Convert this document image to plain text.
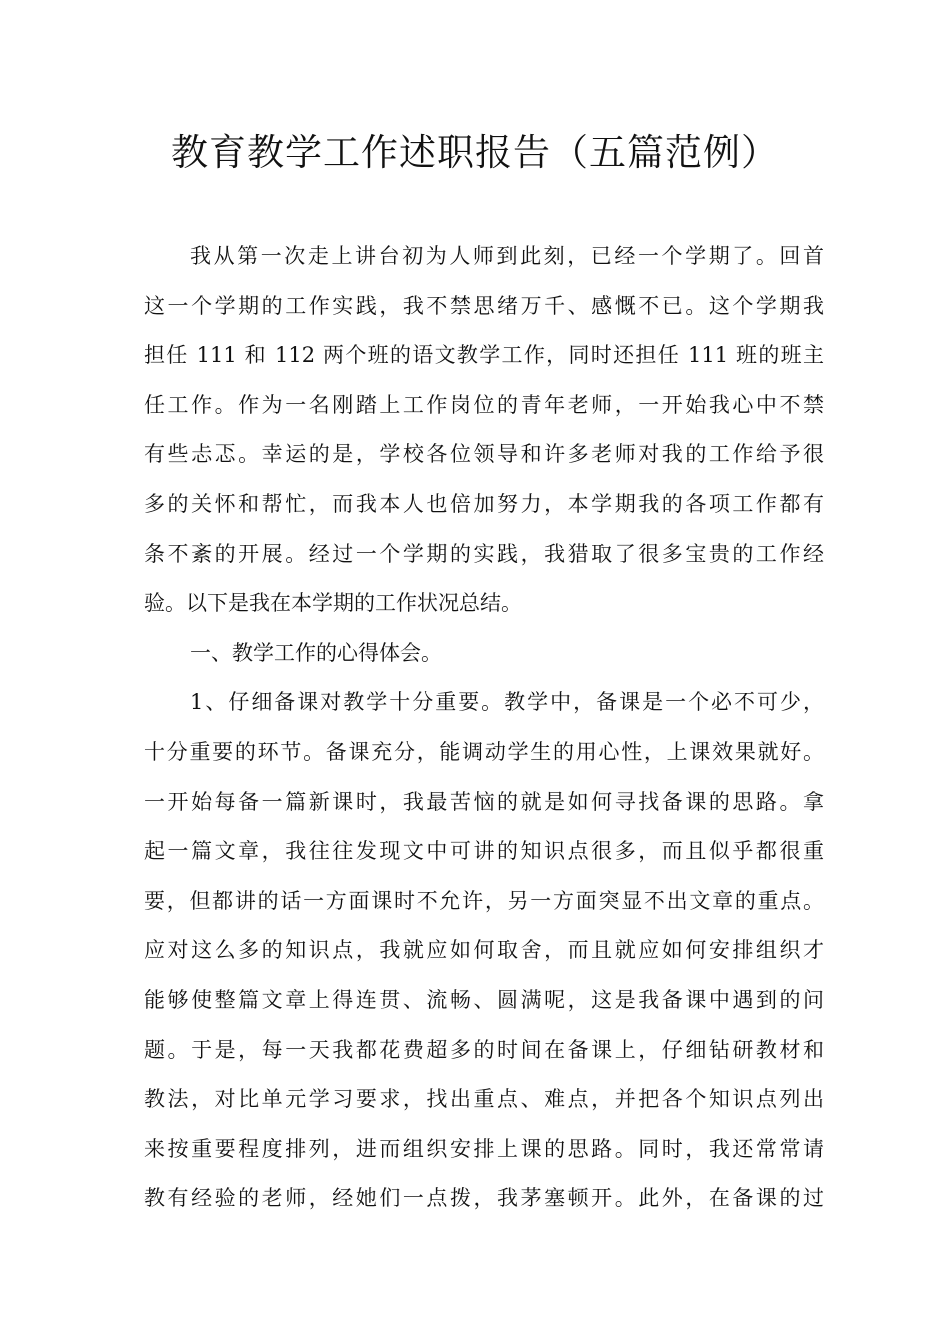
教育教学工作述职报告（五篇范例）
我从第一次走上讲台初为人师到此刻，已经一个学期了。回首
这一个学期的工作实践，我不禁思绪万千、感慨不已。这个学期我
担任 111 和 112 两个班的语文教学工作，同时还担任 111 班的班主
任工作。作为一名刚踏上工作岗位的青年老师，一开始我心中不禁
有些忐忑。幸运的是，学校各位领导和许多老师对我的工作给予很
多的关怀和帮忙，而我本人也倍加努力，本学期我的各项工作都有
条不紊的开展。经过一个学期的实践，我猎取了很多宝贵的工作经
验。以下是我在本学期的工作状况总结。
一、教学工作的心得体会。
1、仔细备课对教学十分重要。教学中，备课是一个必不可少，
十分重要的环节。备课充分，能调动学生的用心性，上课效果就好。
一开始每备一篇新课时，我最苦恼的就是如何寻找备课的思路。拿
起一篇文章，我往往发现文中可讲的知识点很多，而且似乎都很重
要，但都讲的话一方面课时不允许，另一方面突显不出文章的重点。
应对这么多的知识点，我就应如何取舍，而且就应如何安排组织才
能够使整篇文章上得连贯、流畅、圆满呢，这是我备课中遇到的问
题。于是，每一天我都花费超多的时间在备课上，仔细钻研教材和
教法，对比单元学习要求，找出重点、难点，并把各个知识点列出
来按重要程度排列，进而组织安排上课的思路。同时，我还常常请
教有经验的老师，经她们一点拨，我茅塞顿开。此外，在备课的过
